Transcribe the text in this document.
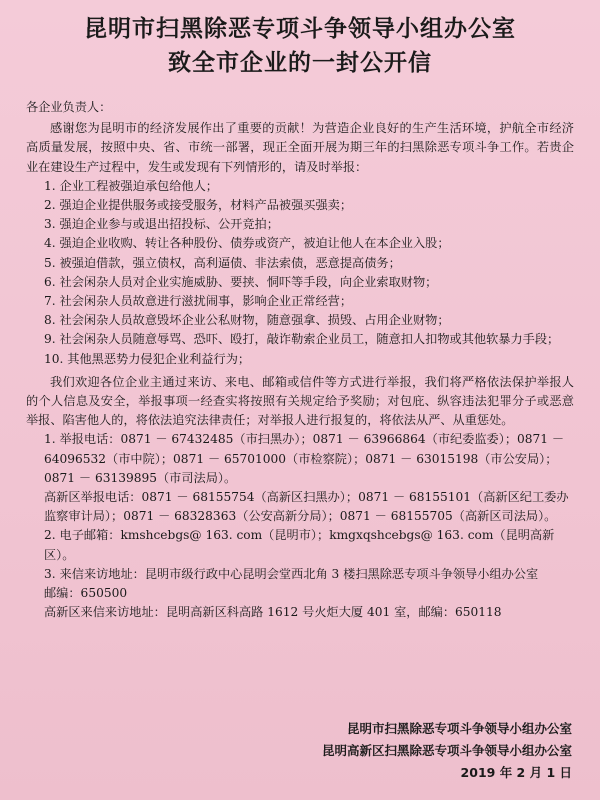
昆明市扫黑除恶专项斗争领导小组办公室
致全市企业的一封公开信

各企业负责人：

感谢您为昆明市的经济发展作出了重要的贡献！为营造企业良好的生产生活环境，护航全市经济高质量发展，按照中央、省、市统一部署，现正全面开展为期三年的扫黑除恶专项斗争工作。若贵企业在建设生产过程中，发生或发现有下列情形的，请及时举报：

1. 企业工程被强迫承包给他人；

2. 强迫企业提供服务或接受服务，材料产品被强买强卖；

3. 强迫企业参与或退出招投标、公开竞拍；

4. 强迫企业收购、转让各种股份、债券或资产，被迫让他人在本企业入股；

5. 被强迫借款，强立债权，高利逼债、非法索债，恶意提高债务；

6. 社会闲杂人员对企业实施威胁、要挟、恫吓等手段，向企业索取财物；

7. 社会闲杂人员故意进行滋扰闹事，影响企业正常经营；

8. 社会闲杂人员故意毁坏企业公私财物，随意强拿、损毁、占用企业财物；

9. 社会闲杂人员随意辱骂、恐吓、殴打，敲诈勒索企业员工，随意扣人扣物或其他软暴力手段；

10. 其他黑恶势力侵犯企业利益行为；

我们欢迎各位企业主通过来访、来电、邮箱或信件等方式进行举报，我们将严格依法保护举报人的个人信息及安全，举报事项一经查实将按照有关规定给予奖励；对包庇、纵容违法犯罪分子或恶意举报、陷害他人的，将依法追究法律责任；对举报人进行报复的，将依法从严、从重惩处。

1. 举报电话：0871 － 67432485（市扫黑办）；0871 － 63966864（市纪委监委）；0871 － 64096532（市中院）；0871 － 65701000（市检察院）；0871 － 63015198（市公安局）；0871 － 63139895（市司法局）。

高新区举报电话：0871 － 68155754（高新区扫黑办）；0871 － 68155101（高新区纪工委办监察审计局）；0871 － 68328363（公安高新分局）；0871 － 68155705（高新区司法局）。

2. 电子邮箱：kmshcebgs@ 163. com（昆明市）；kmgxqshcebgs@ 163. com（昆明高新区）。

3. 来信来访地址：昆明市级行政中心昆明会堂西北角 3 楼扫黑除恶专项斗争领导小组办公室　　邮编：650500

高新区来信来访地址：昆明高新区科高路 1612 号火炬大厦 401 室，邮编：650118

昆明市扫黑除恶专项斗争领导小组办公室
昆明高新区扫黑除恶专项斗争领导小组办公室
2019 年 2 月 1 日
